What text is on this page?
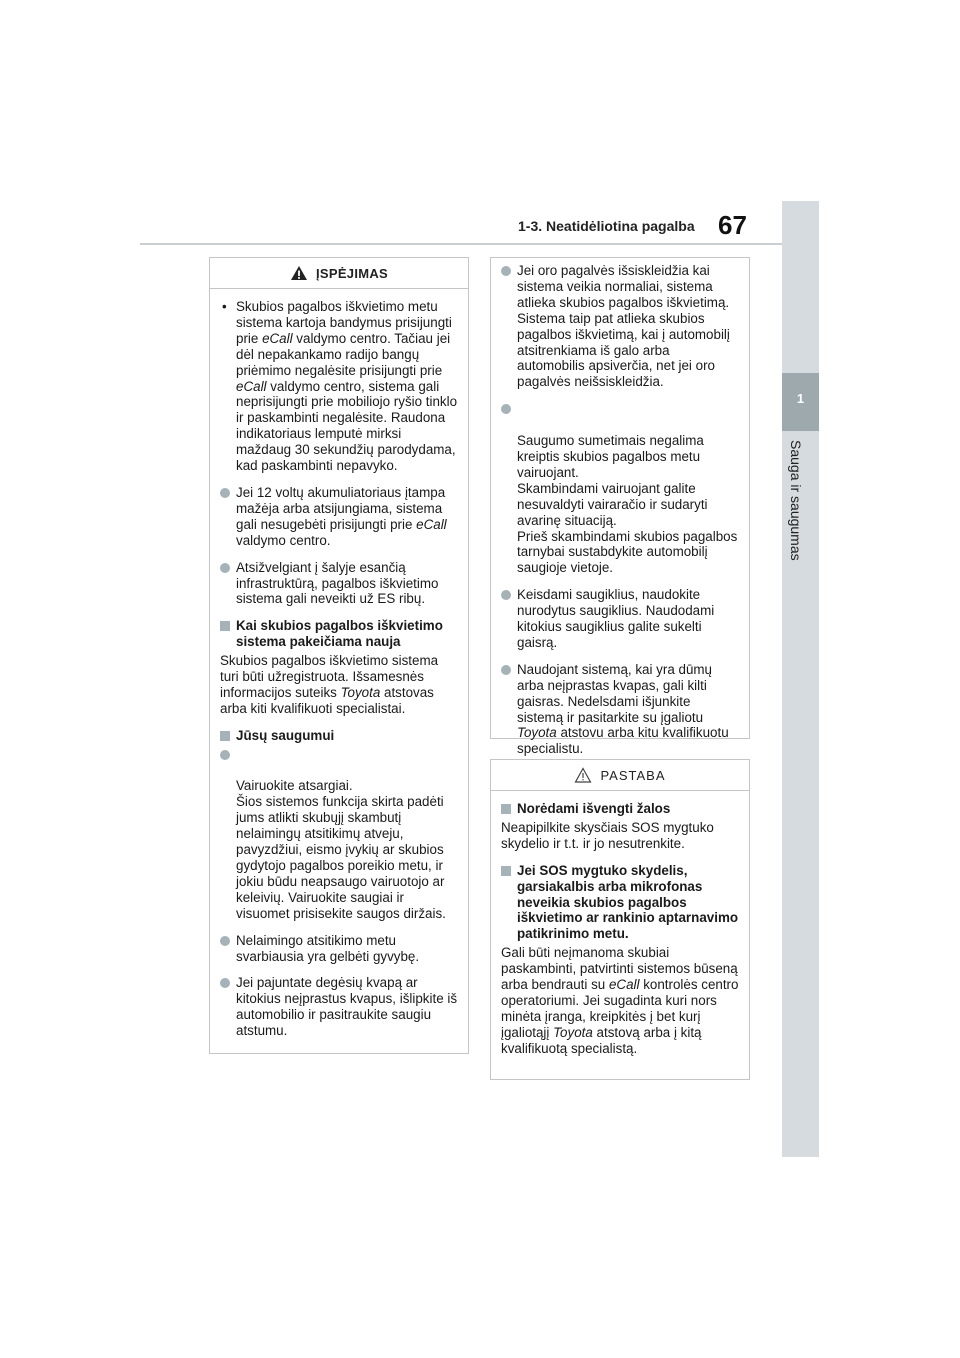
1-3. Neatidėliotina pagalba 67
1
Sauga ir saugumas
ĮSPĖJIMAS
• Skubios pagalbos iškvietimo metu sistema kartoja bandymus prisijungti prie eCall valdymo centro. Tačiau jei dėl nepakankamo radijo bangų priėmimo negalėsite prisijungti prie eCall valdymo centro, sistema gali neprisijungti prie mobiliojo ryšio tinklo ir paskambinti negalėsite. Raudona indikatoriaus lemputė mirksi maždaug 30 sekundžių parodydama, kad paskambinti nepavyko.
Jei 12 voltų akumuliatoriaus įtampa mažėja arba atsijungiama, sistema gali nesugebėti prisijungti prie eCall valdymo centro.
Atsižvelgiant į šalyje esančią infrastruktūrą, pagalbos iškvietimo sistema gali neveikti už ES ribų.
Kai skubios pagalbos iškvietimo sistema pakeičiama nauja
Skubios pagalbos iškvietimo sistema turi būti užregistruota. Išsamesnės informacijos suteiks Toyota atstovas arba kiti kvalifikuoti specialistai.
Jūsų saugumui

Vairuokite atsargiai.
Šios sistemos funkcija skirta padėti jums atlikti skubųjį skambutį nelaimingų atsitikimų atveju, pavyzdžiui, eismo įvykių ar skubios gydytojo pagalbos poreikio metu, ir jokiu būdu neapsaugo vairuotojo ar keleivių. Vairuokite saugiai ir visuomet prisisekite saugos diržais.

Nelaimingo atsitikimo metu svarbiausia yra gelbėti gyvybę.
Jei pajuntate degėsių kvapą ar kitokius neįprastus kvapus, išlipkite iš automobilio ir pasitraukite saugiu atstumu.
Jei oro pagalvės išsiskleidžia kai sistema veikia normaliai, sistema atlieka skubios pagalbos iškvietimą. Sistema taip pat atlieka skubios pagalbos iškvietimą, kai į automobilį atsitrenkiama iš galo arba automobilis apsiverčia, net jei oro pagalvės neišsiskleidžia.

Saugumo sumetimais negalima kreiptis skubios pagalbos metu vairuojant.
Skambindami vairuojant galite nesuvaldyti vairaračio ir sudaryti avarinę situaciją.
Prieš skambindami skubios pagalbos tarnybai sustabdykite automobilį saugioje vietoje.

Keisdami saugiklius, naudokite nurodytus saugiklius. Naudodami kitokius saugiklius galite sukelti gaisrą.
Naudojant sistemą, kai yra dūmų arba neįprastas kvapas, gali kilti gaisras. Nedelsdami išjunkite sistemą ir pasitarkite su įgaliotu Toyota atstovu arba kitu kvalifikuotu specialistu.
PASTABA
Norėdami išvengti žalos
Neapipilkite skysčiais SOS mygtuko skydelio ir t.t. ir jo nesutrenkite.
Jei SOS mygtuko skydelis, garsiakalbis arba mikrofonas neveikia skubios pagalbos iškvietimo ar rankinio aptarnavimo patikrinimo metu.
Gali būti neįmanoma skubiai paskambinti, patvirtinti sistemos būseną arba bendrauti su eCall kontrolės centro operatoriumi. Jei sugadinta kuri nors minėta įranga, kreipkitės į bet kurį įgaliotąjį Toyota atstovą arba į kitą kvalifikuotą specialistą.
